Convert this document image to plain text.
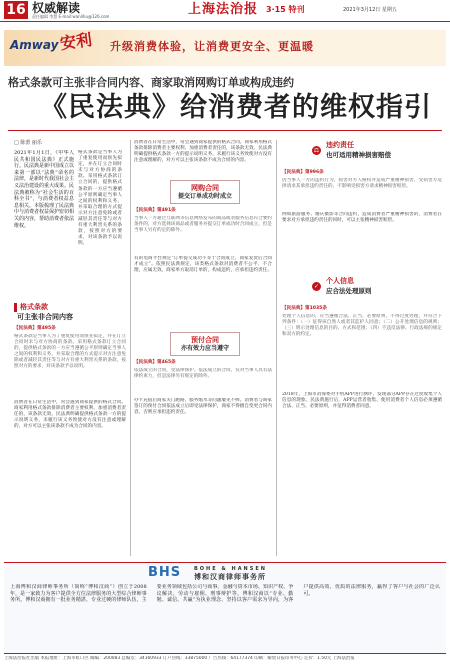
16 权威解读
责任编辑 李慧 E-mail:wanlihu@126.com	上海法治报 3·15 特刊	2021年3月12日 星期五
Amway 安利 升级消费体验，让消费更安全、更温暖
格式条款可主张非合同内容、商家取消网购订单或构成违约
《民法典》给消费者的维权指引
□ 陈蕾 丽乐
2021年1月1日，《中华人民共和国民法典》正式施行。民法典是新中国成立以来第一部以“法典”命名的法律，是新时代我国社会主义法治建设的重大成果。民法典被称为“社会生活的百科全书”，与消费者权益息息相关。本版梳理了民法典中与消费者权益保护密切相关的内容，帮助消费者依法维权。
格式条款是当事人为了重复使用而预先拟定，并在订立合同时未与对方协商的条款。采用格式条款订立合同的，提供格式条款的一方应当遵循公平原则确定当事人之间的权利和义务，并采取合理的方式提示对方注意免除或者减轻其责任等与对方有重大利害关系的条款，按照对方的要求，对该条款予以说明。
格式条款
可主张非合同内容
【民法典】第495条
格式条款是当事人为了重复使用而预先拟定，并在订立合同时未与对方协商的条款。采用格式条款订立合同的，提供格式条款的一方应当遵循公平原则确定当事人之间的权利和义务，并采取合理的方式提示对方注意免除或者减轻其责任等与对方有重大利害关系的条款，按照对方的要求，对该条款予以说明。
消费者在日常生活中，常会遇到商家提供的格式合同。商家利用格式条款排除消费者主要权利、加重消费者责任的，该条款无效。民法典明确提供格式条款一方的提示说明义务，未履行该义务致使对方没有注意或理解的，对方可以主张该条款不成为合同的内容。
消费者在日常生活中，常会遇到商家提供的格式合同。商家利用格式条款排除消费者主要权利、加重消费者责任的，该条款无效。民法典明确提供格式条款一方的提示说明义务，未履行该义务致使对方没有注意或理解的，对方可以主张该条款不成为合同的内容。
网购合同
提交订单成功时成立
【民法典】第491条
当事人一方通过互联网等信息网络发布的商品或者服务信息符合要约条件的，对方选择该商品或者服务并提交订单成功时合同成立，但是当事人另有约定的除外。
有的电商平台规定“订单提交成功不等于合同成立，商家发货后合同才成立”。依照民法典规定，该类格式条款对消费者不公平、不合理，应属无效。商家单方取消订单的，构成违约，应承担违约责任。
预付合同
亦有效力应当遵守
【民法典】第465条
依法成立的合同，受法律保护。依法成立的合同，仅对当事人具有法律约束力，但是法律另有规定的除外。
办卡充值后商家关门跑路、服务缩水等问题屡见不鲜。消费者与商家签订的预付合同依法成立后即受法律保护，商家不得擅自变更合同内容，否则应承担违约责任。
⚖
违约责任
也可适用精神损害赔偿
【民法典】第996条
因当事人一方的违约行为，损害对方人格权并造成严重精神损害，受损害方选择请求其承担违约责任的，不影响受损害方请求精神损害赔偿。
例如旅游服务、婚庆摄影等合同违约，造成消费者严重精神损害的，消费者在要求对方承担违约责任的同时，可以主张精神损害赔偿。
✓
个人信息
应合法处理原则
【民法典】第1035条
处理个人信息的，应当遵循合法、正当、必要原则，不得过度处理，并符合下列条件：（一）征得该自然人或者其监护人同意；（二）公开处理信息的规则；（三）明示处理信息的目的、方式和范围；（四）不违反法律、行政法规的规定和双方的约定。
2018年，上海市消保委对手机APP进行测评，发现部分APP存在过度收集个人信息的现象。民法典施行后，APP运营者收集、使用消费者个人信息必须遵循合法、正当、必要原则，并征得消费者同意。
BHS	BOHE & HANSEN
博和汉商律师事务所
上海博和汉商律师事务所（简称“博和汉商”）创立于2008年，是一家致力为客户提供全方位法律服务的大型综合律师事务所。博和汉商拥有一批业务精湛、专业过硬的律师队伍，主要业务领域包括公司与商事、金融与资本市场、知识产权、争议解决、劳动与雇佣、刑事辩护等。博和汉商以“专业、勤勉、诚信、共赢”为执业理念，坚持以客户需求为导向，为客户提供高效、优质的法律服务，赢得了客户与社会的广泛认可。
上海法治报社出版 本报地址：上海市虹口区 邮编：200083 总编室：34160933 订户热线：33875000 广告热线：64177374 印刷：解放日报印务中心 定价：1.50元 上海法治报
